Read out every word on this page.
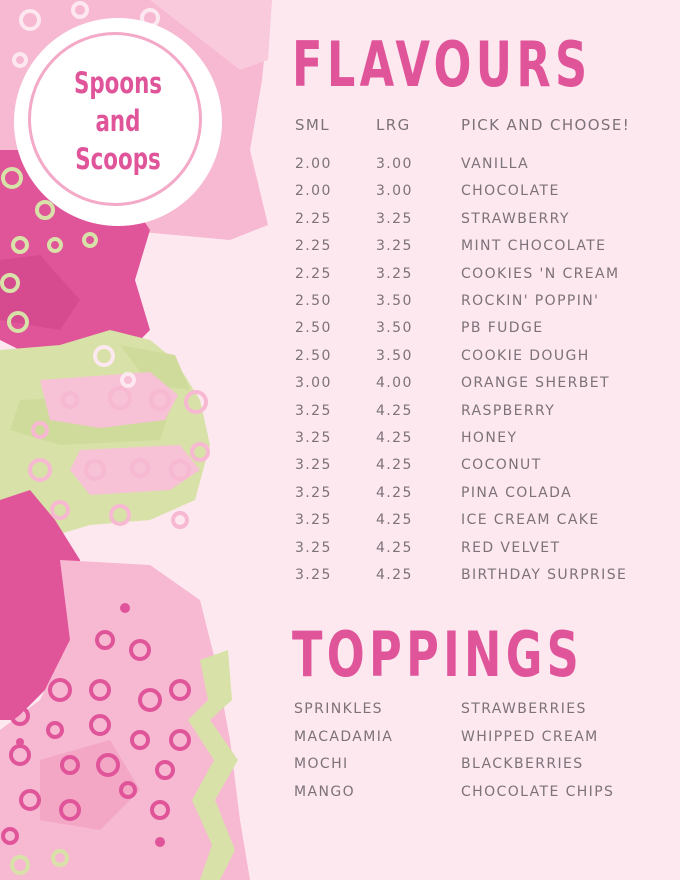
Spoons
and
Scoops
FLAVOURS
SML	LRG	PICK AND CHOOSE!
2.00	3.00	VANILLA
2.00	3.00	CHOCOLATE
2.25	3.25	STRAWBERRY
2.25	3.25	MINT CHOCOLATE
2.25	3.25	COOKIES 'N CREAM
2.50	3.50	ROCKIN' POPPIN'
2.50	3.50	PB FUDGE
2.50	3.50	COOKIE DOUGH
3.00	4.00	ORANGE SHERBET
3.25	4.25	RASPBERRY
3.25	4.25	HONEY
3.25	4.25	COCONUT
3.25	4.25	PINA COLADA
3.25	4.25	ICE CREAM CAKE
3.25	4.25	RED VELVET
3.25	4.25	BIRTHDAY SURPRISE
TOPPINGS
SPRINKLES
MACADAMIA
MOCHI
MANGO
STRAWBERRIES
WHIPPED CREAM
BLACKBERRIES
CHOCOLATE CHIPS
